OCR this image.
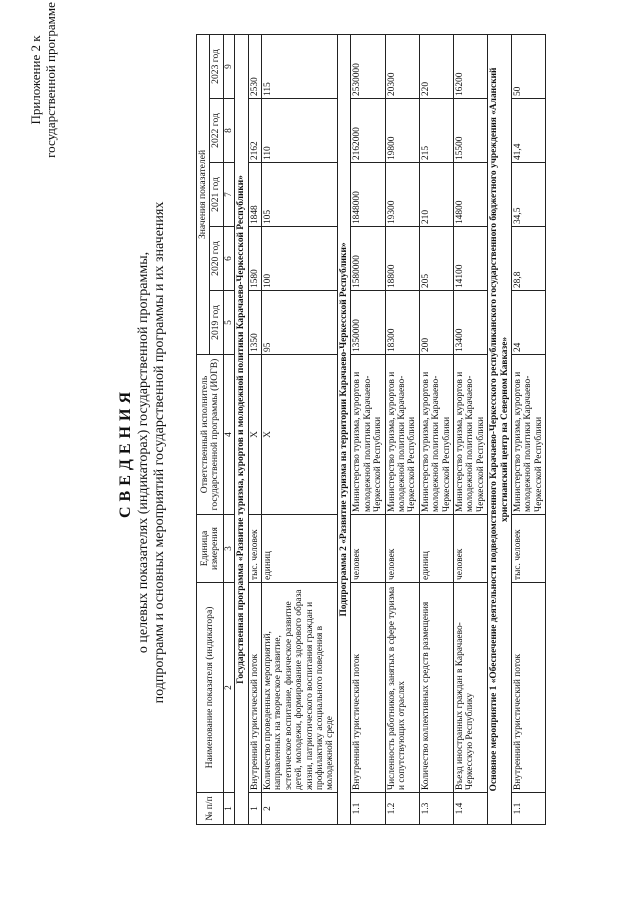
Приложение 2 к государственной программе
СВЕДЕНИЯ о целевых показателях (индикаторах) государственной программы, подпрограмм и основных мероприятий государственной программы и их значениях
№ п/п	Наименование показателя (индикатора)	Единица измерения	Ответственный исполнитель государственной программы (ИОГВ)	Значения показателей				
				2019 год	2020 год	2021 год	2022 год	2023 год
1	2	3	4	5	6	7	8	9
Государственная программа «Развитие туризма, курортов и молодежной политики Карачаево-Черкесской Республики»								
1	Внутренний туристический поток	тыс. человек	Х	1350	1580	1848	2162	2530
2	Количество проведенных мероприятий, направленных на творческое развитие, эстетическое воспитание, физическое развитие детей, молодежи, формирование здорового образа жизни, патриотического воспитания граждан и профилактику асоциального поведения в молодежной среде	единиц	Х	95	100	105	110	115
Подпрограмма 2 «Развитие туризма на территории Карачаево-Черкесской Республики»								
1.1	Внутренний туристический поток	человек	Министерство туризма, курортов и молодежной политики Карачаево-Черкесской Республики	1350000	1580000	1848000	2162000	2530000
1.2	Численность работников, занятых в сфере туризма и сопутствующих отраслях	человек	Министерство туризма, курортов и молодежной политики Карачаево-Черкесской Республики	18300	18800	19300	19800	20300
1.3	Количество коллективных средств размещения	единиц	Министерство туризма, курортов и молодежной политики Карачаево-Черкесской Республики	200	205	210	215	220
1.4	Въезд иностранных граждан в Карачаево-Черкесскую Республику	человек	Министерство туризма, курортов и молодежной политики Карачаево-Черкесской Республики	13400	14100	14800	15500	16200
Основное мероприятие 1 «Обеспечение деятельности подведомственного Карачаево-Черкесского республиканского государственного бюджетного учреждения «Аланский христианский центр на Северном Кавказе»								
1.1	Внутренний туристический поток	тыс. человек	Министерство туризма, курортов и молодежной политики Карачаево-Черкесской Республики	24	28,8	34,5	41,4	50
